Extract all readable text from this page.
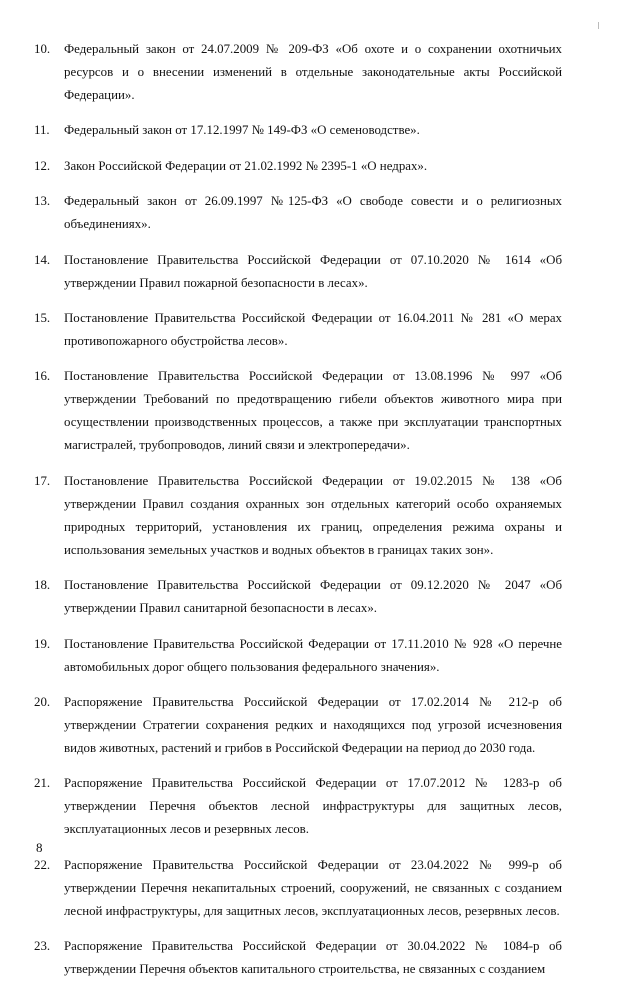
10. Федеральный закон от 24.07.2009 № 209-ФЗ «Об охоте и о сохранении охотничьих ресурсов и о внесении изменений в отдельные законодательные акты Российской Федерации».
11. Федеральный закон от 17.12.1997 № 149-ФЗ «О семеноводстве».
12. Закон Российской Федерации от 21.02.1992 № 2395-1 «О недрах».
13. Федеральный закон от 26.09.1997 №125-ФЗ «О свободе совести и о религиозных объединениях».
14. Постановление Правительства Российской Федерации от 07.10.2020 № 1614 «Об утверждении Правил пожарной безопасности в лесах».
15. Постановление Правительства Российской Федерации от 16.04.2011 № 281 «О мерах противопожарного обустройства лесов».
16. Постановление Правительства Российской Федерации от 13.08.1996 № 997 «Об утверждении Требований по предотвращению гибели объектов животного мира при осуществлении производственных процессов, а также при эксплуатации транспортных магистралей, трубопроводов, линий связи и электропередачи».
17. Постановление Правительства Российской Федерации от 19.02.2015 № 138 «Об утверждении Правил создания охранных зон отдельных категорий особо охраняемых природных территорий, установления их границ, определения режима охраны и использования земельных участков и водных объектов в границах таких зон».
18. Постановление Правительства Российской Федерации от 09.12.2020 № 2047 «Об утверждении Правил санитарной безопасности в лесах».
19. Постановление Правительства Российской Федерации от 17.11.2010 № 928 «О перечне автомобильных дорог общего пользования федерального значения».
20. Распоряжение Правительства Российской Федерации от 17.02.2014 № 212-р об утверждении Стратегии сохранения редких и находящихся под угрозой исчезновения видов животных, растений и грибов в Российской Федерации на период до 2030 года.
21. Распоряжение Правительства Российской Федерации от 17.07.2012 № 1283-р об утверждении Перечня объектов лесной инфраструктуры для защитных лесов, эксплуатационных лесов и резервных лесов.
22. Распоряжение Правительства Российской Федерации от 23.04.2022 № 999-р об утверждении Перечня некапитальных строений, сооружений, не связанных с созданием лесной инфраструктуры, для защитных лесов, эксплуатационных лесов, резервных лесов.
23. Распоряжение Правительства Российской Федерации от 30.04.2022 № 1084-р об утверждении Перечня объектов капитального строительства, не связанных с созданием
8
